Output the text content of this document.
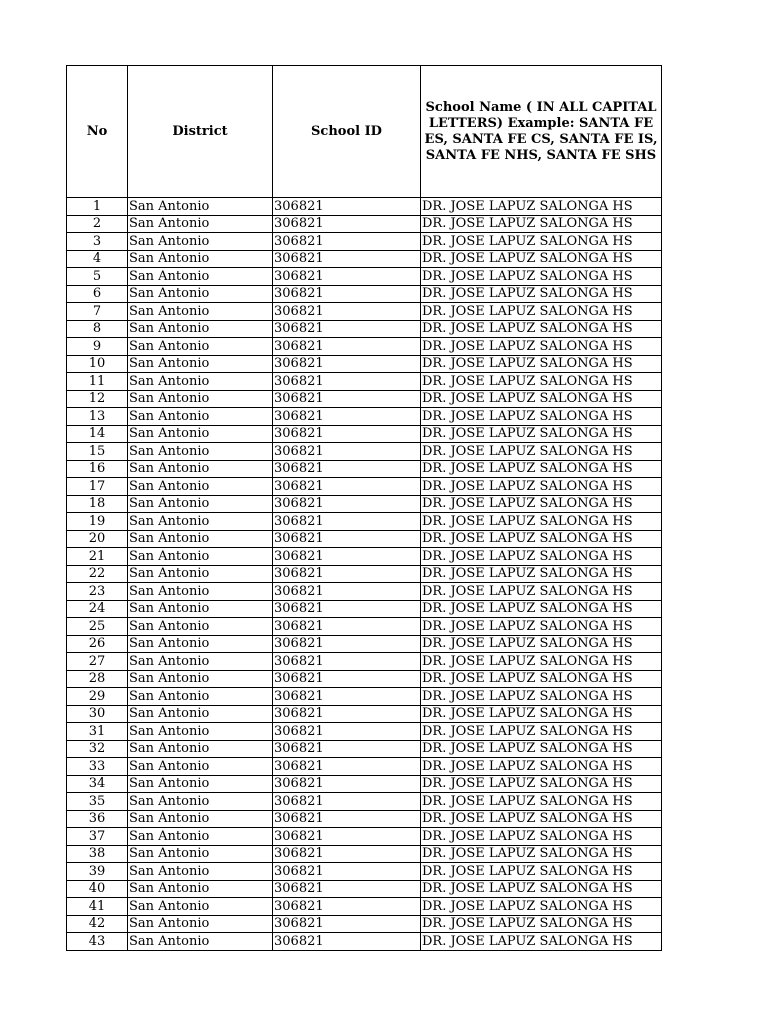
No	District	School ID	School Name ( IN ALL CAPITAL LETTERS) Example: SANTA FE ES, SANTA FE CS, SANTA FE IS, SANTA FE NHS, SANTA FE SHS
1	San Antonio	306821	DR. JOSE LAPUZ SALONGA HS
2	San Antonio	306821	DR. JOSE LAPUZ SALONGA HS
3	San Antonio	306821	DR. JOSE LAPUZ SALONGA HS
4	San Antonio	306821	DR. JOSE LAPUZ SALONGA HS
5	San Antonio	306821	DR. JOSE LAPUZ SALONGA HS
6	San Antonio	306821	DR. JOSE LAPUZ SALONGA HS
7	San Antonio	306821	DR. JOSE LAPUZ SALONGA HS
8	San Antonio	306821	DR. JOSE LAPUZ SALONGA HS
9	San Antonio	306821	DR. JOSE LAPUZ SALONGA HS
10	San Antonio	306821	DR. JOSE LAPUZ SALONGA HS
11	San Antonio	306821	DR. JOSE LAPUZ SALONGA HS
12	San Antonio	306821	DR. JOSE LAPUZ SALONGA HS
13	San Antonio	306821	DR. JOSE LAPUZ SALONGA HS
14	San Antonio	306821	DR. JOSE LAPUZ SALONGA HS
15	San Antonio	306821	DR. JOSE LAPUZ SALONGA HS
16	San Antonio	306821	DR. JOSE LAPUZ SALONGA HS
17	San Antonio	306821	DR. JOSE LAPUZ SALONGA HS
18	San Antonio	306821	DR. JOSE LAPUZ SALONGA HS
19	San Antonio	306821	DR. JOSE LAPUZ SALONGA HS
20	San Antonio	306821	DR. JOSE LAPUZ SALONGA HS
21	San Antonio	306821	DR. JOSE LAPUZ SALONGA HS
22	San Antonio	306821	DR. JOSE LAPUZ SALONGA HS
23	San Antonio	306821	DR. JOSE LAPUZ SALONGA HS
24	San Antonio	306821	DR. JOSE LAPUZ SALONGA HS
25	San Antonio	306821	DR. JOSE LAPUZ SALONGA HS
26	San Antonio	306821	DR. JOSE LAPUZ SALONGA HS
27	San Antonio	306821	DR. JOSE LAPUZ SALONGA HS
28	San Antonio	306821	DR. JOSE LAPUZ SALONGA HS
29	San Antonio	306821	DR. JOSE LAPUZ SALONGA HS
30	San Antonio	306821	DR. JOSE LAPUZ SALONGA HS
31	San Antonio	306821	DR. JOSE LAPUZ SALONGA HS
32	San Antonio	306821	DR. JOSE LAPUZ SALONGA HS
33	San Antonio	306821	DR. JOSE LAPUZ SALONGA HS
34	San Antonio	306821	DR. JOSE LAPUZ SALONGA HS
35	San Antonio	306821	DR. JOSE LAPUZ SALONGA HS
36	San Antonio	306821	DR. JOSE LAPUZ SALONGA HS
37	San Antonio	306821	DR. JOSE LAPUZ SALONGA HS
38	San Antonio	306821	DR. JOSE LAPUZ SALONGA HS
39	San Antonio	306821	DR. JOSE LAPUZ SALONGA HS
40	San Antonio	306821	DR. JOSE LAPUZ SALONGA HS
41	San Antonio	306821	DR. JOSE LAPUZ SALONGA HS
42	San Antonio	306821	DR. JOSE LAPUZ SALONGA HS
43	San Antonio	306821	DR. JOSE LAPUZ SALONGA HS
